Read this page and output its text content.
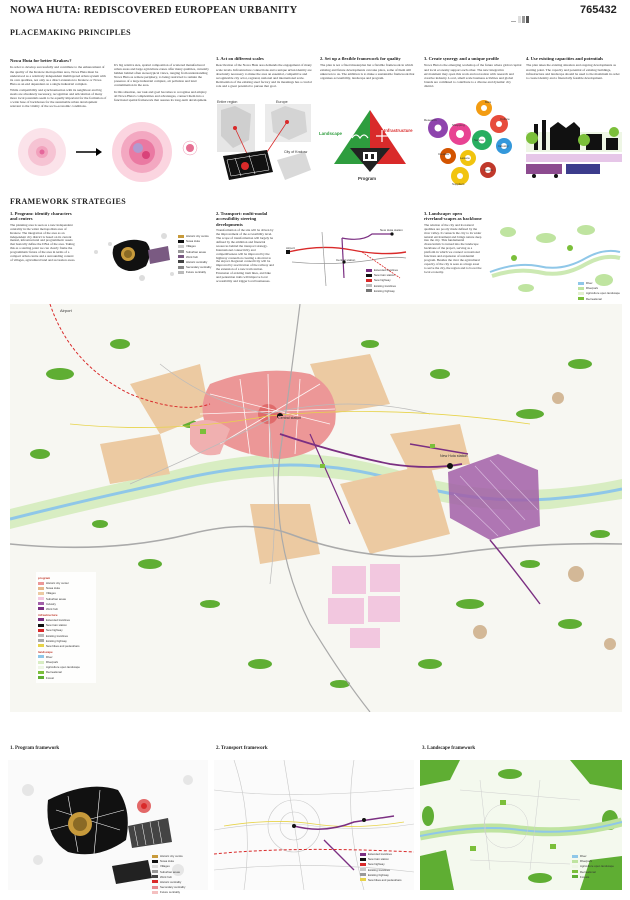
NOWA HUTA: REDISCOVERED EUROPEAN URBANITY	765432
PLACEMAKING PRINCIPLES
Nowa Huta for better Krakow?
In order to develop successfully and contribute to the enhancement of the quality of the Krakow metropolitan area, Nowa Huta must be understood as a relatively independent multilayered urban system with its own qualities, not only as a direct extension to Krakow or Nowa Huta as an end dependent on a single industrial complex.
While compatibility and synchronisation with its neighbour and big steels are absolutely necessary, recognition and articulation of many more local potentials seem to be equally important for the formation of a wide base of backbones for the sustainable urban development relevant to the vitality of the socio-economic conditions.
It's big relative size, spatial composition of scattered manufactured urban areas and large agriculture zones offer many qualities, currently hidden behind often stereotypical views, ranging from understanding Nowa Huta as remote periphery, to being restricted to remain the presence of a large industrial complex, air pollution and land contamination in the area.
In this situation, our task and goal becomes to recognise and employ all Nowa Huta's complexities and advantages, connect them into a functional spatial framework that assures its long-term development.
1. Act on different scales
Reactivation of the Nowa Huta area demands the engagement of many scale levels. Infrastructure connections and a unique urban identity are absolutely necessary to make the area an essential, competitive and recognizable city actor, regional, national and international scale. Reinvention of the existing steel factory and its meanings has a crucial role and a great potential to pursue that goal.
Entire region	Europe
City of Krakow
2. Set up a flexible framework for quality
The plan is not a fixed masterplan but a flexible framework in which existing and future developments can take place, some of them still unknown to us. The ambition is to make a sustainable framework that organises accessibility, landscape and program.
Landscape
Infrastructure
Program
3. Create synergy and a unique profile
Nowa Huta is the emerging workshop of the future where global capital and local economy support each other. The new integrative environment may open this work and recreation with research and creative industry. Local, small scale business activities and global brands are combined to contribute to a diverse and dynamic city district.
Bars
Culture
Research
Shopping
Service
Industry
Suppliers
Leisure
Goods
Creative
4. Use existing capacities and potentials
The plan takes the existing situation and ongoing developments as starting point. The capacity and potential of existing buildings, infrastructure and landscape should be used to the maximum in order to create identity and a financially feasible development.
FRAMEWORK STRATEGIES
1. Program: identify characters and centers
The planning area is seen as a new independent centrality in the wider metropolitan area of Krakow. The integration of the area as an independent city district is based on its current mental, infrastructural and programmatic assets that basically define the DNA of the area. Taking this as a starting point we can clearly frame the programmatic future of the area in terms of a compact urban centre and a surrounding context of villages, agricultural land and recreation areas.
Historic city centre
Nowa Huta
Villages
Suburban areas
Work hub
Historic centrality
Secondary centrality
Future centrality
2. Transport: multi-modal accessibility steering developments
Transformation of the site will be driven by the improvement of the accessibility level. The scope of transformation will largely be defined by the ambition and financial resources behind the transport strategy. International connectivity and competitiveness will be improved by the highway connection creating a shortcut to the airport. Regional connectivity will be improved by reactivation of the railway and the extension of a new tram station. Extension of existing tram lines, and bike and pedestrian trails will improve local accessibility and trigger local businesses.
Airport
Central station
New Huta station
Extended tramlines
New train station
New highway
Existing tramlines
Existing highway
3. Landscape: open riverland-scapes as backbone
The relation of the city and its natural qualities are poorly made defined by the river valley. It connects the city to its wider natural environment and brings nature deep into the city. This fundamental characteristic is turned into the landscape backbone of the project, serving as a platform in which we connect recreational functions and expansion of residential program. Besides the river the agricultural capacity of the city is seen as a huge asset to serve the city, the region and to boost the local economy.
River
Riverpark
Agriculture open landscape
Recreational
Airport
Central station
New Huta station
program
Historic city center
Nowa Huta
Villages
Suburban areas
Industry
Work hub
infrastructure
Extended tramlines
New train station
New highway
Existing tramlines
Existing highway
New bikes and pedestrians
landscape
River
Riverpark
Agriculture open landscape
Recreational
Forest
1. Program framework
Historic city centre
Nowa Huta
Villages
Suburban areas
Work hub
Historic centrality
Secondary centrality
Future centrality
2. Transport framework
Extended tramlines
New train station
New highway
Existing tramlines
Existing highway
New bikes and pedestrians
3. Landscape framework
River
Riverpark
Agriculture open landscape
Recreational
Forests
